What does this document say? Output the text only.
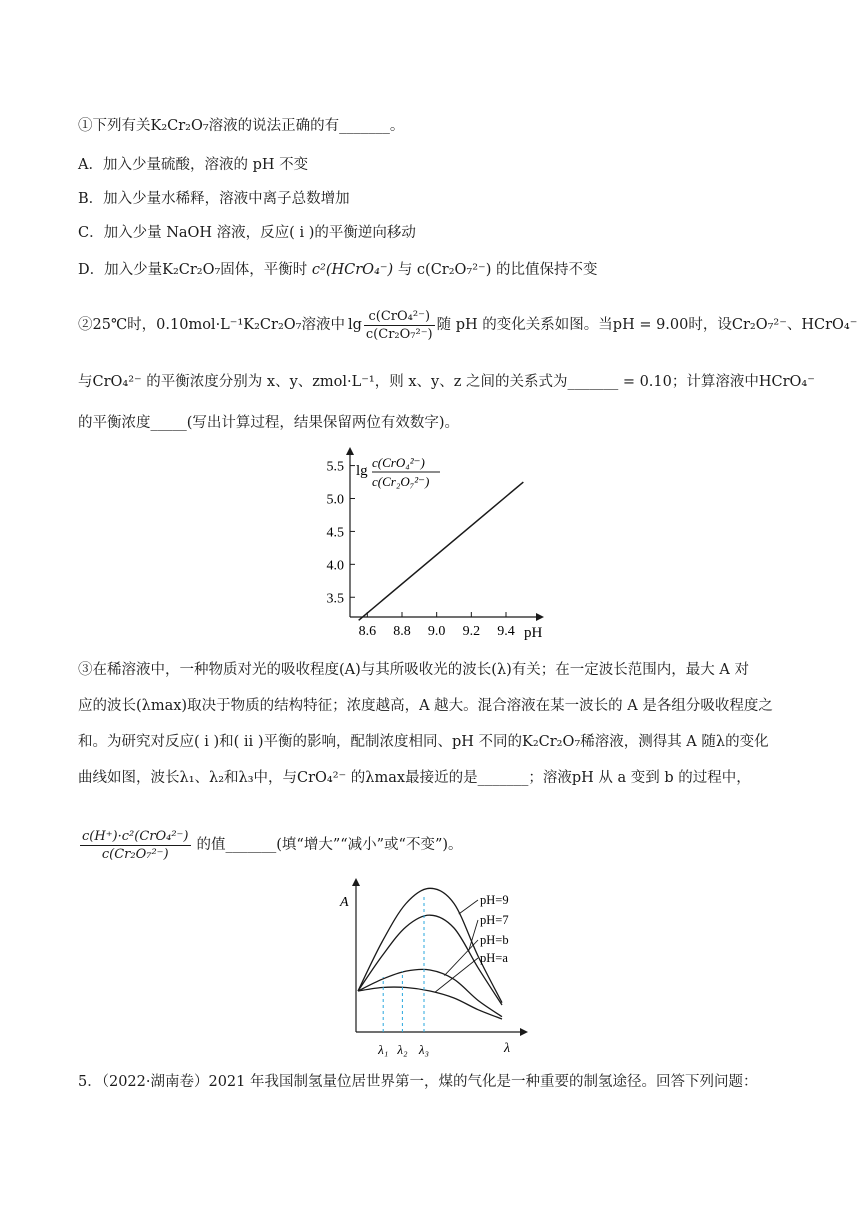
①下列有关K₂Cr₂O₇溶液的说法正确的有_______。
A．加入少量硫酸，溶液的 pH 不变
B．加入少量水稀释，溶液中离子总数增加
C．加入少量 NaOH 溶液，反应( ⅰ )的平衡逆向移动
D．加入少量K₂Cr₂O₇固体，平衡时 c²(HCrO₄⁻) 与 c(Cr₂O₇²⁻) 的比值保持不变
②25℃时，0.10mol·L⁻¹K₂Cr₂O₇溶液中 $\lg \frac{\text{c(CrO₄²⁻)}}{\text{c(Cr₂O₇²⁻)}}$ 随 pH 的变化关系如图。当pH = 9.00时，设Cr₂O₇²⁻、HCrO₄⁻
与CrO₄²⁻ 的平衡浓度分别为 x、y、zmol·L⁻¹，则 x、y、z 之间的关系式为_______ = 0.10；计算溶液中HCrO₄⁻
的平衡浓度_____(写出计算过程，结果保留两位有效数字)。
8.6 8.8 9.0 9.2 9.4
3.5
4.0
4.5
5.0
5.5 lg
c(CrO₄²⁻)
c(Cr₂O₇²⁻)
pH
③在稀溶液中，一种物质对光的吸收程度(A)与其所吸收光的波长(λ)有关；在一定波长范围内，最大 A 对
应的波长(λmax)取决于物质的结构特征；浓度越高，A 越大。混合溶液在某一波长的 A 是各组分吸收程度之
和。为研究对反应( ⅰ )和( ⅱ )平衡的影响，配制浓度相同、pH 不同的K₂Cr₂O₇稀溶液，测得其 A 随λ的变化
曲线如图，波长λ₁、λ₂和λ₃中，与CrO₄²⁻ 的λmax最接近的是_______；溶液pH 从 a 变到 b 的过程中，
$\frac{\text{c(H⁺)·c²(CrO₄²⁻)}}{\text{c(Cr₂O₇²⁻)}}$ 的值_______(填“增大”“减小”或“不变”)。
A
λ
pH=9
pH=7
pH=b
pH=a
λ₁ λ₂ λ₃
5．（2022·湖南卷）2021 年我国制氢量位居世界第一，煤的气化是一种重要的制氢途径。回答下列问题：
